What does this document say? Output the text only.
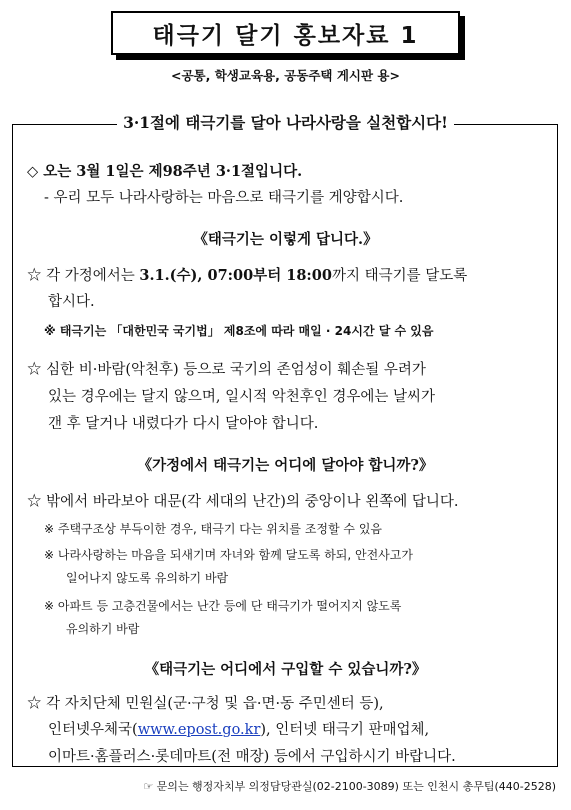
태극기 달기 홍보자료 1
<공통, 학생교육용, 공동주택 게시판 용>
3·1절에 태극기를 달아 나라사랑을 실천합시다!
◇ 오는 3월 1일은 제98주년 3·1절입니다.
- 우리 모두 나라사랑하는 마음으로 태극기를 게양합시다.
《태극기는 이렇게 답니다.》
☆ 각 가정에서는 3.1.(수), 07:00부터 18:00까지 태극기를 달도록
합시다.
※ 태극기는 「대한민국 국기법」 제8조에 따라 매일 · 24시간 달 수 있음
☆ 심한 비·바람(악천후) 등으로 국기의 존엄성이 훼손될 우려가
있는 경우에는 달지 않으며, 일시적 악천후인 경우에는 날씨가
갠 후 달거나 내렸다가 다시 달아야 합니다.
《가정에서 태극기는 어디에 달아야 합니까?》
☆ 밖에서 바라보아 대문(각 세대의 난간)의 중앙이나 왼쪽에 답니다.
※ 주택구조상 부득이한 경우, 태극기 다는 위치를 조정할 수 있음
※ 나라사랑하는 마음을 되새기며 자녀와 함께 달도록 하되, 안전사고가
일어나지 않도록 유의하기 바람
※ 아파트 등 고층건물에서는 난간 등에 단 태극기가 떨어지지 않도록
유의하기 바람
《태극기는 어디에서 구입할 수 있습니까?》
☆ 각 자치단체 민원실(군·구청 및 읍·면·동 주민센터 등),
인터넷우체국(www.epost.go.kr), 인터넷 태극기 판매업체,
이마트·홈플러스·롯데마트(전 매장) 등에서 구입하시기 바랍니다.
☞ 문의는 행정자치부 의정담당관실(02-2100-3089) 또는 인천시 총무팀(440-2528)
